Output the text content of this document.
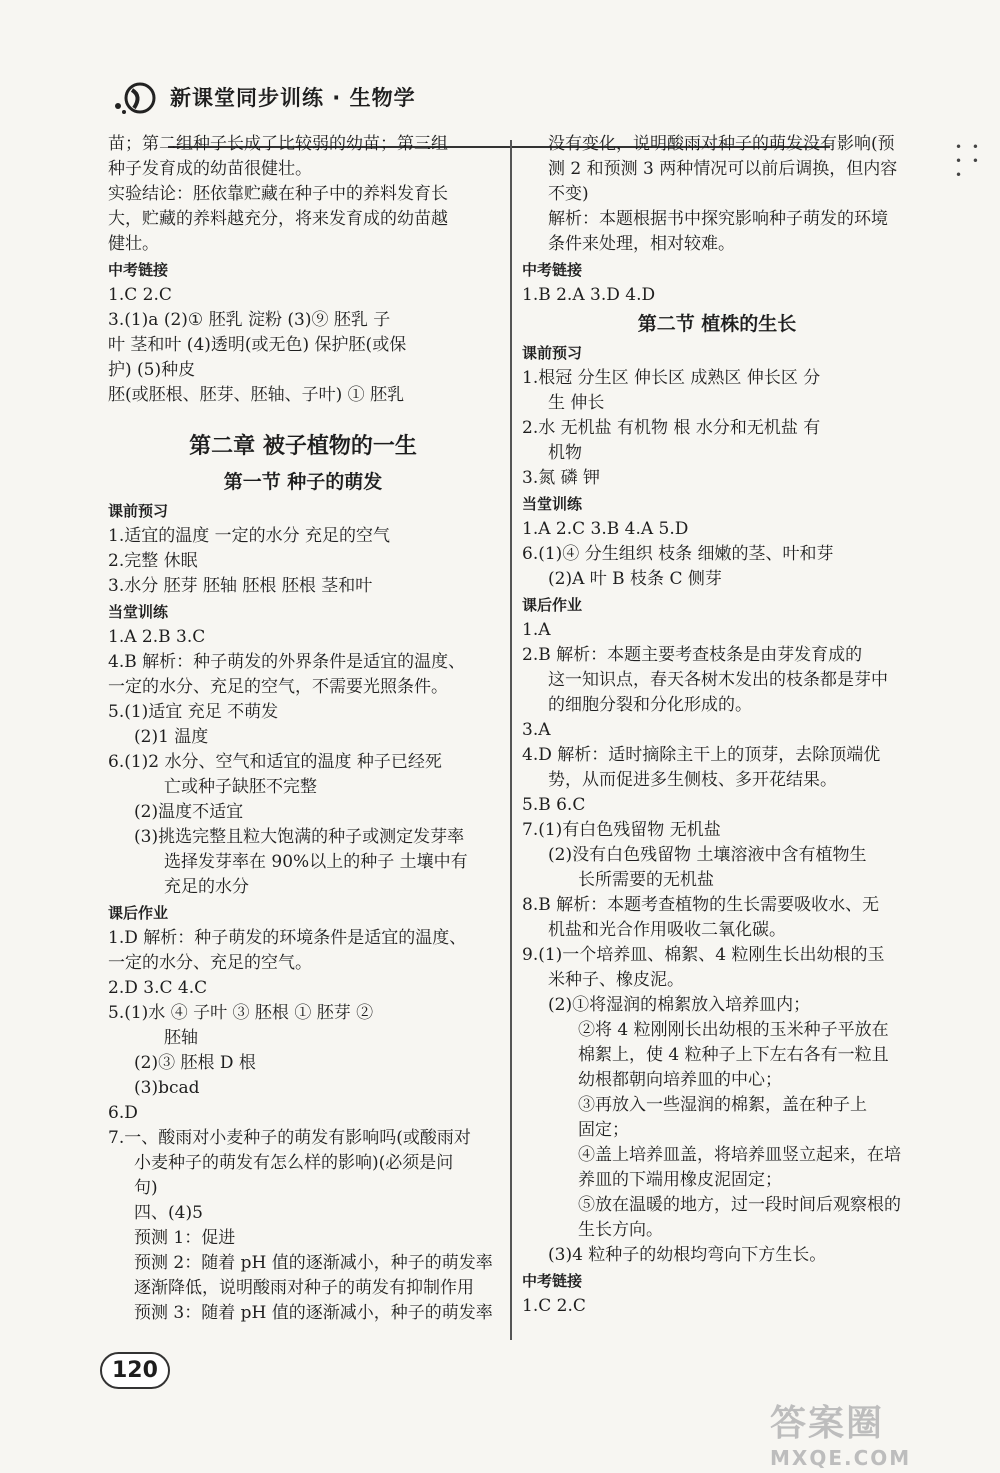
新课堂同步训练 · 生物学
• • • • •
苗；第二组种子长成了比较弱的幼苗；第三组
种子发育成的幼苗很健壮。
实验结论：胚依靠贮藏在种子中的养料发育长
大，贮藏的养料越充分，将来发育成的幼苗越
健壮。
中考链接
1.C 2.C
3.(1)a (2)① 胚乳 淀粉 (3)⑨ 胚乳 子
叶 茎和叶 (4)透明(或无色) 保护胚(或保
护) (5)种皮
胚(或胚根、胚芽、胚轴、子叶) ① 胚乳
第二章 被子植物的一生
第一节 种子的萌发
课前预习
1.适宜的温度 一定的水分 充足的空气
2.完整 休眠
3.水分 胚芽 胚轴 胚根 胚根 茎和叶
当堂训练
1.A 2.B 3.C
4.B 解析：种子萌发的外界条件是适宜的温度、
一定的水分、充足的空气，不需要光照条件。
5.(1)适宜 充足 不萌发
(2)1 温度
6.(1)2 水分、空气和适宜的温度 种子已经死
亡或种子缺胚不完整
(2)温度不适宜
(3)挑选完整且粒大饱满的种子或测定发芽率
选择发芽率在 90%以上的种子 土壤中有
充足的水分
课后作业
1.D 解析：种子萌发的环境条件是适宜的温度、
一定的水分、充足的空气。
2.D 3.C 4.C
5.(1)水 ④ 子叶 ③ 胚根 ① 胚芽 ②
胚轴
(2)③ 胚根 D 根
(3)bcad
6.D
7.一、酸雨对小麦种子的萌发有影响吗(或酸雨对
小麦种子的萌发有怎么样的影响)(必须是问
句)
四、(4)5
预测 1：促进
预测 2：随着 pH 值的逐渐减小，种子的萌发率
逐渐降低，说明酸雨对种子的萌发有抑制作用
预测 3：随着 pH 值的逐渐减小，种子的萌发率
没有变化，说明酸雨对种子的萌发没有影响(预
测 2 和预测 3 两种情况可以前后调换，但内容
不变)
解析：本题根据书中探究影响种子萌发的环境
条件来处理，相对较难。
中考链接
1.B 2.A 3.D 4.D
第二节 植株的生长
课前预习
1.根冠 分生区 伸长区 成熟区 伸长区 分
生 伸长
2.水 无机盐 有机物 根 水分和无机盐 有
机物
3.氮 磷 钾
当堂训练
1.A 2.C 3.B 4.A 5.D
6.(1)④ 分生组织 枝条 细嫩的茎、叶和芽
(2)A 叶 B 枝条 C 侧芽
课后作业
1.A
2.B 解析：本题主要考查枝条是由芽发育成的
这一知识点，春天各树木发出的枝条都是芽中
的细胞分裂和分化形成的。
3.A
4.D 解析：适时摘除主干上的顶芽，去除顶端优
势，从而促进多生侧枝、多开花结果。
5.B 6.C
7.(1)有白色残留物 无机盐
(2)没有白色残留物 土壤溶液中含有植物生
长所需要的无机盐
8.B 解析：本题考查植物的生长需要吸收水、无
机盐和光合作用吸收二氧化碳。
9.(1)一个培养皿、棉絮、4 粒刚生长出幼根的玉
米种子、橡皮泥。
(2)①将湿润的棉絮放入培养皿内；
②将 4 粒刚刚长出幼根的玉米种子平放在
棉絮上，使 4 粒种子上下左右各有一粒且
幼根都朝向培养皿的中心；
③再放入一些湿润的棉絮，盖在种子上
固定；
④盖上培养皿盖，将培养皿竖立起来，在培
养皿的下端用橡皮泥固定；
⑤放在温暖的地方，过一段时间后观察根的
生长方向。
(3)4 粒种子的幼根均弯向下方生长。
中考链接
1.C 2.C
120
答案圈
MXQE.COM
